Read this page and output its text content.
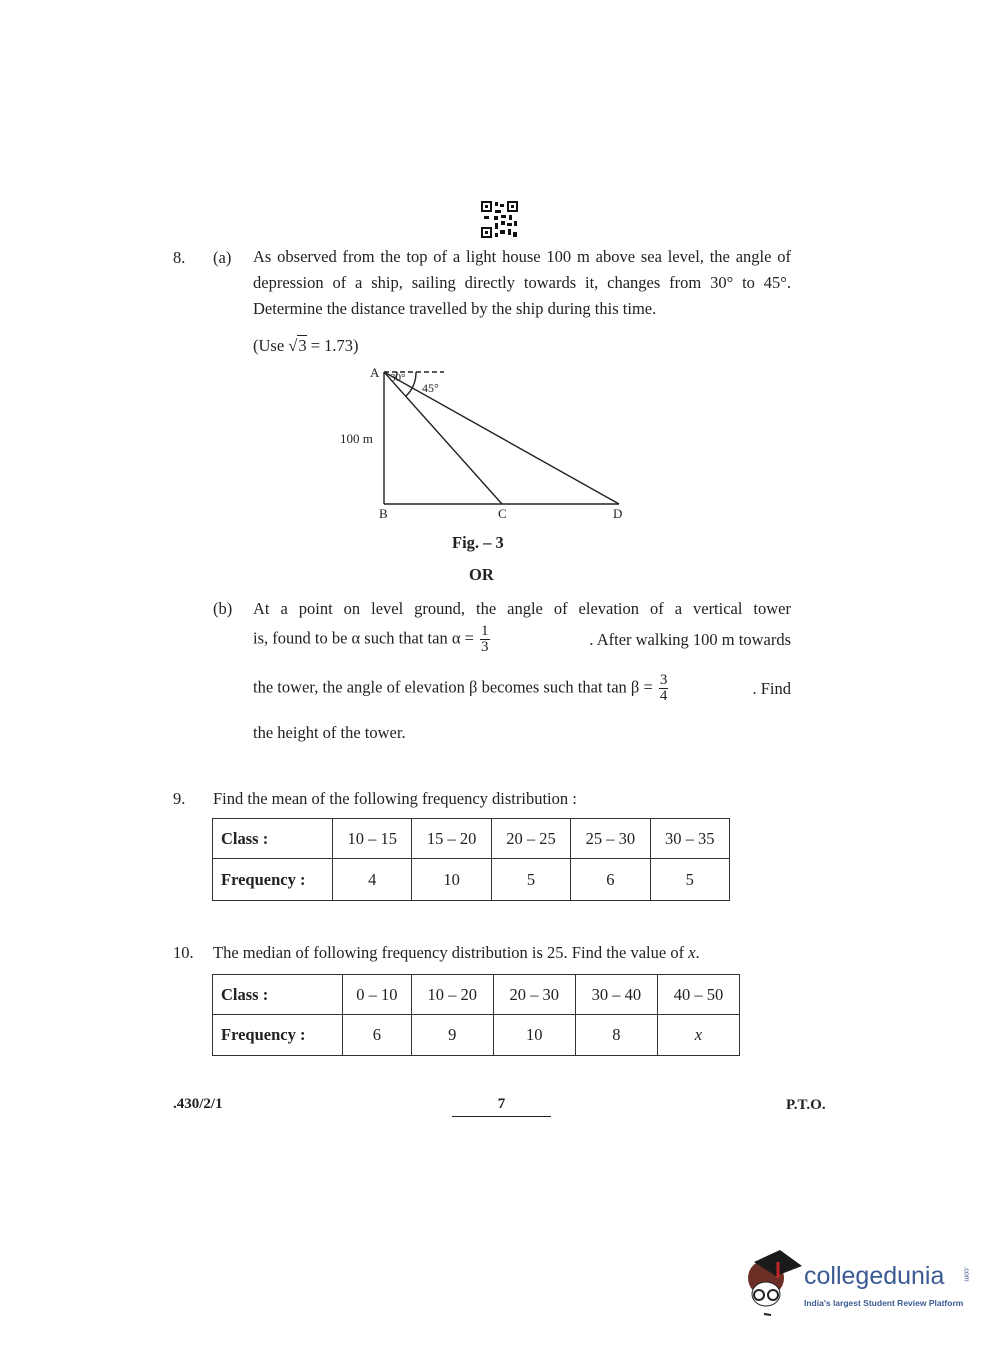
8. (a) As observed from the top of a light house 100 m above sea level, the angle of depression of a ship, sailing directly towards it, changes from 30° to 45°. Determine the distance travelled by the ship during this time.
(Use √3 = 1.73)
A 30°
45°
100 m
B	C	D
Fig. – 3
OR
(b) At a point on level ground, the angle of elevation of a vertical tower
is, found to be α such that $\tan \alpha = \frac{1}{3}$	. After walking 100 m towards
the tower, the angle of elevation β becomes such that $\tan \beta = \frac{3}{4}$	. Find
the height of the tower.
9. Find the mean of the following frequency distribution :
Class :	10 – 15	15 – 20	20 – 25	25 – 30	30 – 35
Frequency :	4	10	5	6	5
10. The median of following frequency distribution is 25. Find the value of x.
Class :	0 – 10	10 – 20	20 – 30	30 – 40	40 – 50
Frequency :	6	9	10	8	x
.430/2/1	7	P.T.O.
collegedunia	.com
India's largest Student Review Platform
